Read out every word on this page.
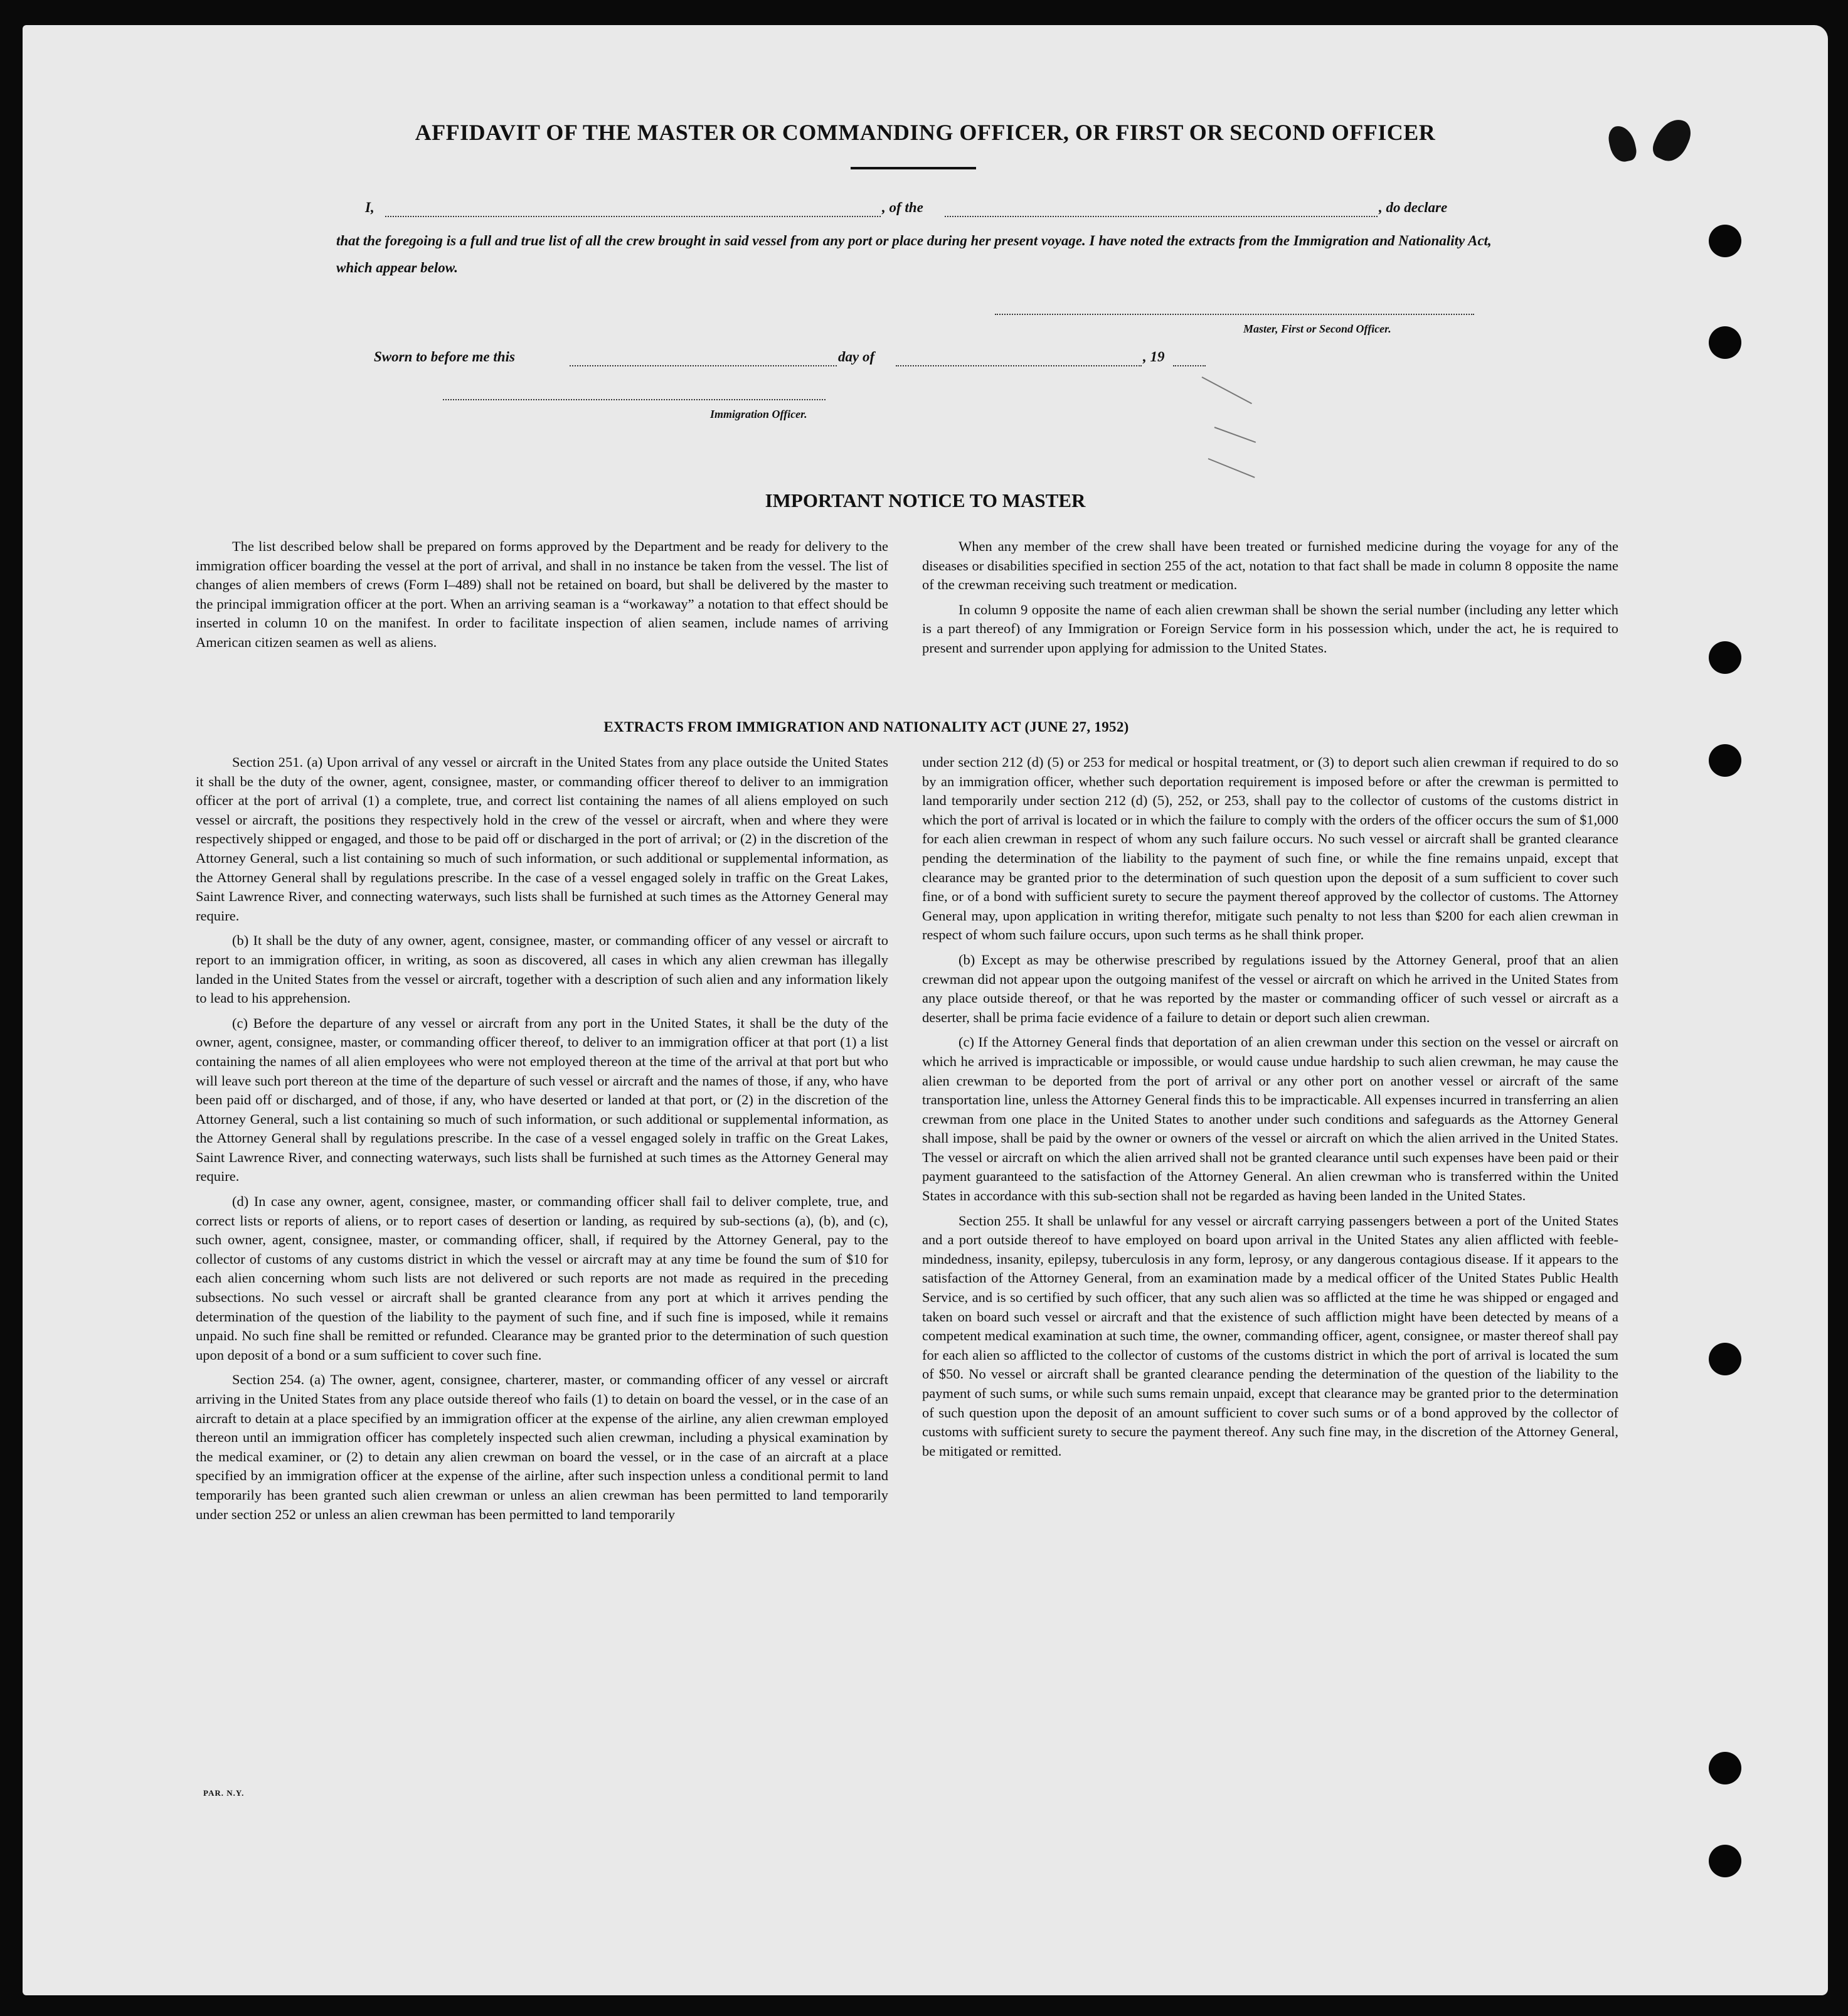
AFFIDAVIT OF THE MASTER OR COMMANDING OFFICER, OR FIRST OR SECOND OFFICER
I,	, of the	, do declare
that the foregoing is a full and true list of all the crew brought in said vessel from any port or place during her present voyage. I have noted the extracts from the Immigration and Nationality Act, which appear below.
Master, First or Second Officer.
Sworn to before me this	day of	, 19
Immigration Officer.
IMPORTANT NOTICE TO MASTER

The list described below shall be prepared on forms approved by the Department and be ready for delivery to the immigration officer boarding the vessel at the port of arrival, and shall in no instance be taken from the vessel. The list of changes of alien members of crews (Form I–489) shall not be retained on board, but shall be delivered by the master to the principal immigration officer at the port. When an arriving seaman is a “workaway” a notation to that effect should be inserted in column 10 on the manifest. In order to facilitate inspection of alien seamen, include names of arriving American citizen seamen as well as aliens.

When any member of the crew shall have been treated or furnished medicine during the voyage for any of the diseases or disabilities specified in section 255 of the act, notation to that fact shall be made in column 8 opposite the name of the crewman receiving such treatment or medication.

In column 9 opposite the name of each alien crewman shall be shown the serial number (including any letter which is a part thereof) of any Immigration or Foreign Service form in his possession which, under the act, he is required to present and surrender upon applying for admission to the United States.

EXTRACTS FROM IMMIGRATION AND NATIONALITY ACT (JUNE 27, 1952)

Section 251. (a) Upon arrival of any vessel or aircraft in the United States from any place outside the United States it shall be the duty of the owner, agent, consignee, master, or commanding officer thereof to deliver to an immigration officer at the port of arrival (1) a complete, true, and correct list containing the names of all aliens employed on such vessel or aircraft, the positions they respectively hold in the crew of the vessel or aircraft, when and where they were respectively shipped or engaged, and those to be paid off or discharged in the port of arrival; or (2) in the discretion of the Attorney General, such a list containing so much of such information, or such additional or supplemental information, as the Attorney General shall by regulations prescribe. In the case of a vessel engaged solely in traffic on the Great Lakes, Saint Lawrence River, and connecting waterways, such lists shall be furnished at such times as the Attorney General may require.

(b) It shall be the duty of any owner, agent, consignee, master, or commanding officer of any vessel or aircraft to report to an immigration officer, in writing, as soon as discovered, all cases in which any alien crewman has illegally landed in the United States from the vessel or aircraft, together with a description of such alien and any information likely to lead to his apprehension.

(c) Before the departure of any vessel or aircraft from any port in the United States, it shall be the duty of the owner, agent, consignee, master, or commanding officer thereof, to deliver to an immigration officer at that port (1) a list containing the names of all alien employees who were not employed thereon at the time of the arrival at that port but who will leave such port thereon at the time of the departure of such vessel or aircraft and the names of those, if any, who have been paid off or discharged, and of those, if any, who have deserted or landed at that port, or (2) in the discretion of the Attorney General, such a list containing so much of such information, or such additional or supplemental information, as the Attorney General shall by regulations prescribe. In the case of a vessel engaged solely in traffic on the Great Lakes, Saint Lawrence River, and connecting waterways, such lists shall be furnished at such times as the Attorney General may require.

(d) In case any owner, agent, consignee, master, or commanding officer shall fail to deliver complete, true, and correct lists or reports of aliens, or to report cases of desertion or landing, as required by sub-sections (a), (b), and (c), such owner, agent, consignee, master, or commanding officer, shall, if required by the Attorney General, pay to the collector of customs of any customs district in which the vessel or aircraft may at any time be found the sum of $10 for each alien concerning whom such lists are not delivered or such reports are not made as required in the preceding subsections. No such vessel or aircraft shall be granted clearance from any port at which it arrives pending the determination of the question of the liability to the payment of such fine, and if such fine is imposed, while it remains unpaid. No such fine shall be remitted or refunded. Clearance may be granted prior to the determination of such question upon deposit of a bond or a sum sufficient to cover such fine.

Section 254. (a) The owner, agent, consignee, charterer, master, or commanding officer of any vessel or aircraft arriving in the United States from any place outside thereof who fails (1) to detain on board the vessel, or in the case of an aircraft to detain at a place specified by an immigration officer at the expense of the airline, any alien crewman employed thereon until an immigration officer has completely inspected such alien crewman, including a physical examination by the medical examiner, or (2) to detain any alien crewman on board the vessel, or in the case of an aircraft at a place specified by an immigration officer at the expense of the airline, after such inspection unless a conditional permit to land temporarily has been granted such alien crewman or unless an alien crewman has been permitted to land temporarily under section 252 or unless an alien crewman has been permitted to land temporarily

under section 212 (d) (5) or 253 for medical or hospital treatment, or (3) to deport such alien crewman if required to do so by an immigration officer, whether such deportation requirement is imposed before or after the crewman is permitted to land temporarily under section 212 (d) (5), 252, or 253, shall pay to the collector of customs of the customs district in which the port of arrival is located or in which the failure to comply with the orders of the officer occurs the sum of $1,000 for each alien crewman in respect of whom any such failure occurs. No such vessel or aircraft shall be granted clearance pending the determination of the liability to the payment of such fine, or while the fine remains unpaid, except that clearance may be granted prior to the determination of such question upon the deposit of a sum sufficient to cover such fine, or of a bond with sufficient surety to secure the payment thereof approved by the collector of customs. The Attorney General may, upon application in writing therefor, mitigate such penalty to not less than $200 for each alien crewman in respect of whom such failure occurs, upon such terms as he shall think proper.

(b) Except as may be otherwise prescribed by regulations issued by the Attorney General, proof that an alien crewman did not appear upon the outgoing manifest of the vessel or aircraft on which he arrived in the United States from any place outside thereof, or that he was reported by the master or commanding officer of such vessel or aircraft as a deserter, shall be prima facie evidence of a failure to detain or deport such alien crewman.

(c) If the Attorney General finds that deportation of an alien crewman under this section on the vessel or aircraft on which he arrived is impracticable or impossible, or would cause undue hardship to such alien crewman, he may cause the alien crewman to be deported from the port of arrival or any other port on another vessel or aircraft of the same transportation line, unless the Attorney General finds this to be impracticable. All expenses incurred in transferring an alien crewman from one place in the United States to another under such conditions and safeguards as the Attorney General shall impose, shall be paid by the owner or owners of the vessel or aircraft on which the alien arrived in the United States. The vessel or aircraft on which the alien arrived shall not be granted clearance until such expenses have been paid or their payment guaranteed to the satisfaction of the Attorney General. An alien crewman who is transferred within the United States in accordance with this sub-section shall not be regarded as having been landed in the United States.

Section 255. It shall be unlawful for any vessel or aircraft carrying passengers between a port of the United States and a port outside thereof to have employed on board upon arrival in the United States any alien afflicted with feeble-mindedness, insanity, epilepsy, tuberculosis in any form, leprosy, or any dangerous contagious disease. If it appears to the satisfaction of the Attorney General, from an examination made by a medical officer of the United States Public Health Service, and is so certified by such officer, that any such alien was so afflicted at the time he was shipped or engaged and taken on board such vessel or aircraft and that the existence of such affliction might have been detected by means of a competent medical examination at such time, the owner, commanding officer, agent, consignee, or master thereof shall pay for each alien so afflicted to the collector of customs of the customs district in which the port of arrival is located the sum of $50. No vessel or aircraft shall be granted clearance pending the determination of the question of the liability to the payment of such sums, or while such sums remain unpaid, except that clearance may be granted prior to the determination of such question upon the deposit of an amount sufficient to cover such sums or of a bond approved by the collector of customs with sufficient surety to secure the payment thereof. Any such fine may, in the discretion of the Attorney General, be mitigated or remitted.

PAR. N.Y.
